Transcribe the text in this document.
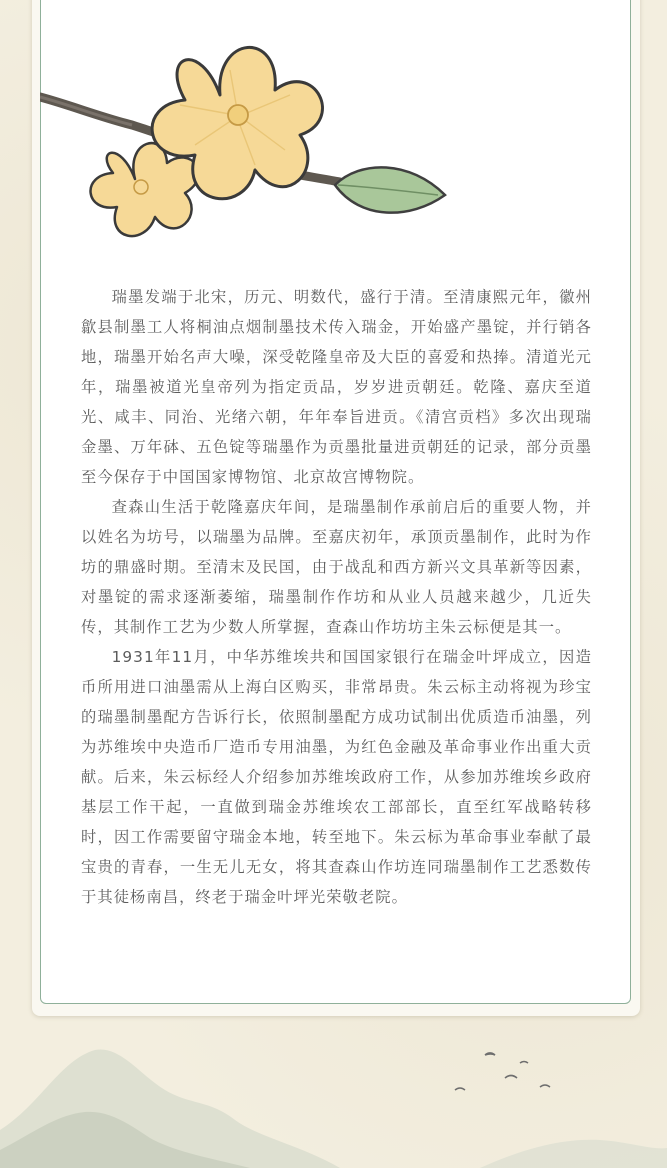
瑞墨发端于北宋，历元、明数代，盛行于清。至清康熙元年，徽州歙县制墨工人将桐油点烟制墨技术传入瑞金，开始盛产墨锭，并行销各地，瑞墨开始名声大噪，深受乾隆皇帝及大臣的喜爱和热捧。清道光元年，瑞墨被道光皇帝列为指定贡品，岁岁进贡朝廷。乾隆、嘉庆至道光、咸丰、同治、光绪六朝，年年奉旨进贡。《清宫贡档》多次出现瑞金墨、万年砵、五色锭等瑞墨作为贡墨批量进贡朝廷的记录，部分贡墨至今保存于中国国家博物馆、北京故宫博物院。

查森山生活于乾隆嘉庆年间，是瑞墨制作承前启后的重要人物，并以姓名为坊号，以瑞墨为品牌。至嘉庆初年，承顶贡墨制作，此时为作坊的鼎盛时期。至清末及民国，由于战乱和西方新兴文具革新等因素，对墨锭的需求逐渐萎缩，瑞墨制作作坊和从业人员越来越少，几近失传，其制作工艺为少数人所掌握，查森山作坊坊主朱云标便是其一。

1931年11月，中华苏维埃共和国国家银行在瑞金叶坪成立，因造币所用进口油墨需从上海白区购买，非常昂贵。朱云标主动将视为珍宝的瑞墨制墨配方告诉行长，依照制墨配方成功试制出优质造币油墨，列为苏维埃中央造币厂造币专用油墨，为红色金融及革命事业作出重大贡献。后来，朱云标经人介绍参加苏维埃政府工作，从参加苏维埃乡政府基层工作干起，一直做到瑞金苏维埃农工部部长，直至红军战略转移时，因工作需要留守瑞金本地，转至地下。朱云标为革命事业奉献了最宝贵的青春，一生无儿无女，将其查森山作坊连同瑞墨制作工艺悉数传于其徒杨南昌，终老于瑞金叶坪光荣敬老院。
